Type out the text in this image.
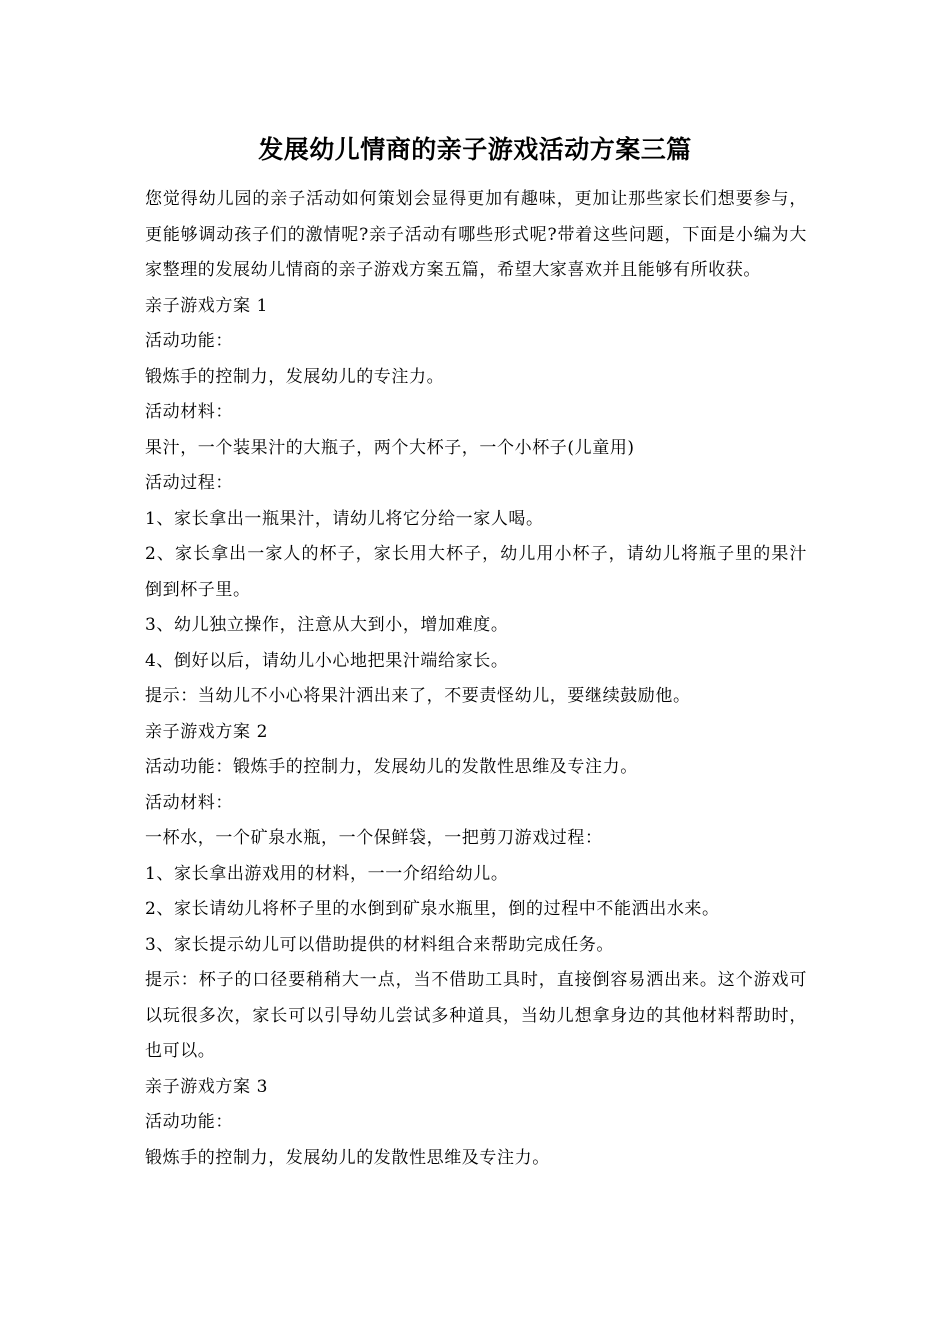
发展幼儿情商的亲子游戏活动方案三篇

您觉得幼儿园的亲子活动如何策划会显得更加有趣味，更加让那些家长们想要参与，更能够调动孩子们的激情呢?亲子活动有哪些形式呢?带着这些问题，下面是小编为大家整理的发展幼儿情商的亲子游戏方案五篇，希望大家喜欢并且能够有所收获。

亲子游戏方案 1

活动功能：

锻炼手的控制力，发展幼儿的专注力。

活动材料：

果汁，一个装果汁的大瓶子，两个大杯子，一个小杯子(儿童用)

活动过程：

1、家长拿出一瓶果汁，请幼儿将它分给一家人喝。

2、家长拿出一家人的杯子，家长用大杯子，幼儿用小杯子，请幼儿将瓶子里的果汁倒到杯子里。

3、幼儿独立操作，注意从大到小，增加难度。

4、倒好以后，请幼儿小心地把果汁端给家长。

提示：当幼儿不小心将果汁洒出来了，不要责怪幼儿，要继续鼓励他。

亲子游戏方案 2

活动功能：锻炼手的控制力，发展幼儿的发散性思维及专注力。

活动材料：

一杯水，一个矿泉水瓶，一个保鲜袋，一把剪刀游戏过程：

1、家长拿出游戏用的材料，一一介绍给幼儿。

2、家长请幼儿将杯子里的水倒到矿泉水瓶里，倒的过程中不能洒出水来。

3、家长提示幼儿可以借助提供的材料组合来帮助完成任务。

提示：杯子的口径要稍稍大一点，当不借助工具时，直接倒容易洒出来。这个游戏可以玩很多次，家长可以引导幼儿尝试多种道具，当幼儿想拿身边的其他材料帮助时，也可以。

亲子游戏方案 3

活动功能：

锻炼手的控制力，发展幼儿的发散性思维及专注力。
